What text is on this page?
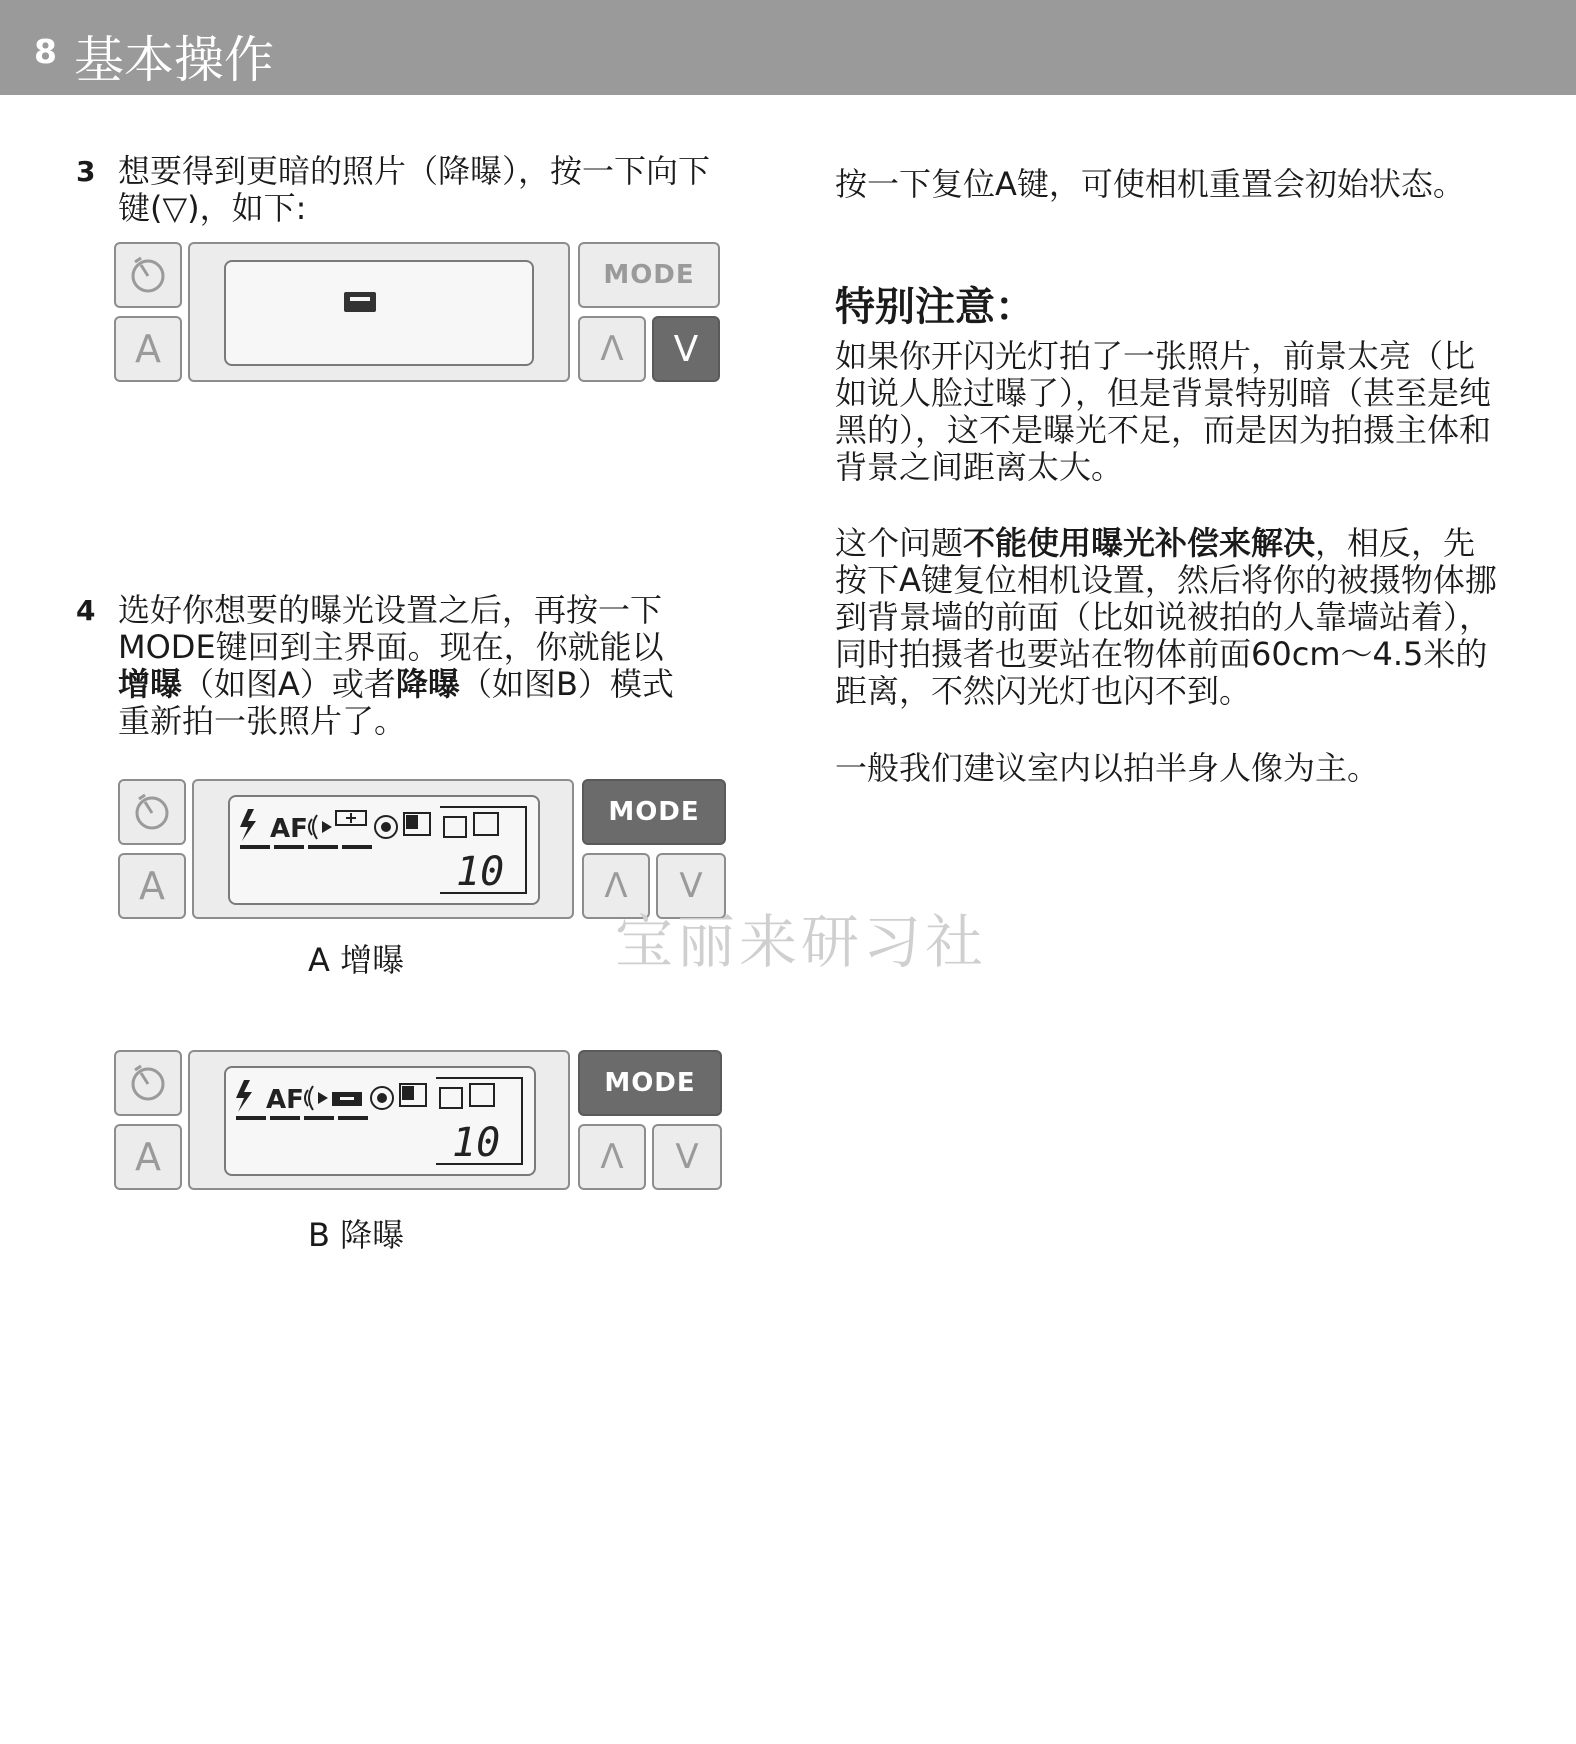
8 基本操作
3 想要得到更暗的照片（降曝），按一下向下键(▽)，如下:
A
MODE
Λ V
4 选好你想要的曝光设置之后，再按一下
MODE键回到主界面。现在，你就能以
增曝（如图A）或者降曝（如图B）模式
重新拍一张照片了。
A
AF
10
MODE
Λ V
A 增曝
A
AF
10
MODE
Λ V
B 降曝
按一下复位A键，可使相机重置会初始状态。
特别注意：
如果你开闪光灯拍了一张照片，前景太亮（比如说人脸过曝了），但是背景特别暗（甚至是纯黑的），这不是曝光不足，而是因为拍摄主体和背景之间距离太大。
这个问题不能使用曝光补偿来解决，相反，先按下A键复位相机设置，然后将你的被摄物体挪到背景墙的前面（比如说被拍的人靠墙站着），同时拍摄者也要站在物体前面60cm～4.5米的距离，不然闪光灯也闪不到。
一般我们建议室内以拍半身人像为主。
宝丽来研习社
